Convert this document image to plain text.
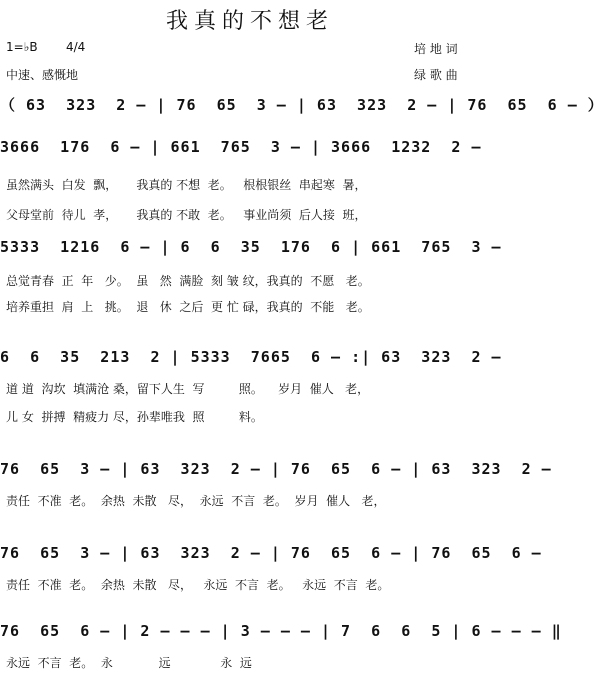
我真的不想老
1=♭B 4/4	培 地 词
中速、感慨地	绿 歌 曲
（ 63  323  2 – | 76  65  3 – | 63  323  2 – | 76  65  6 – ）
3666  176  6 – | 661  765  3 – | 3666  1232  2 –
虽然满头  白发  飘，     我真的 不想  老。   根根银丝  串起寒  暑，
父母堂前  待儿  孝，     我真的 不敢  老。   事业尚须  后人接  班，
5333  1216  6 – | 6  6  35  176  6 | 661  765  3 –
总觉青春  正  年   少。  虽   然  满脸  刻 皱 纹，我真的  不愿   老。
培养重担  肩  上   挑。  退   休  之后  更 忙 碌，我真的  不能   老。
6  6  35  213  2 | 5333  7665  6 – :| 63  323  2 –
道 道  沟坎  填满沧 桑，留下人生  写         照。    岁月  催人   老，
儿 女  拼搏  精疲力 尽，孙辈唯我  照         料。
76  65  3 – | 63  323  2 – | 76  65  6 – | 63  323  2 –
责任  不准  老。  余热  未散   尽，  永远  不言  老。  岁月  催人   老，
76  65  3 – | 63  323  2 – | 76  65  6 – | 76  65  6 –
责任  不准  老。  余热  未散   尽，   永远  不言  老。   永远  不言  老。
76  65  6 – | 2 – – – | 3 – – – | 7  6  6  5 | 6 – – – ‖
永远  不言  老。  永            远             永  远
